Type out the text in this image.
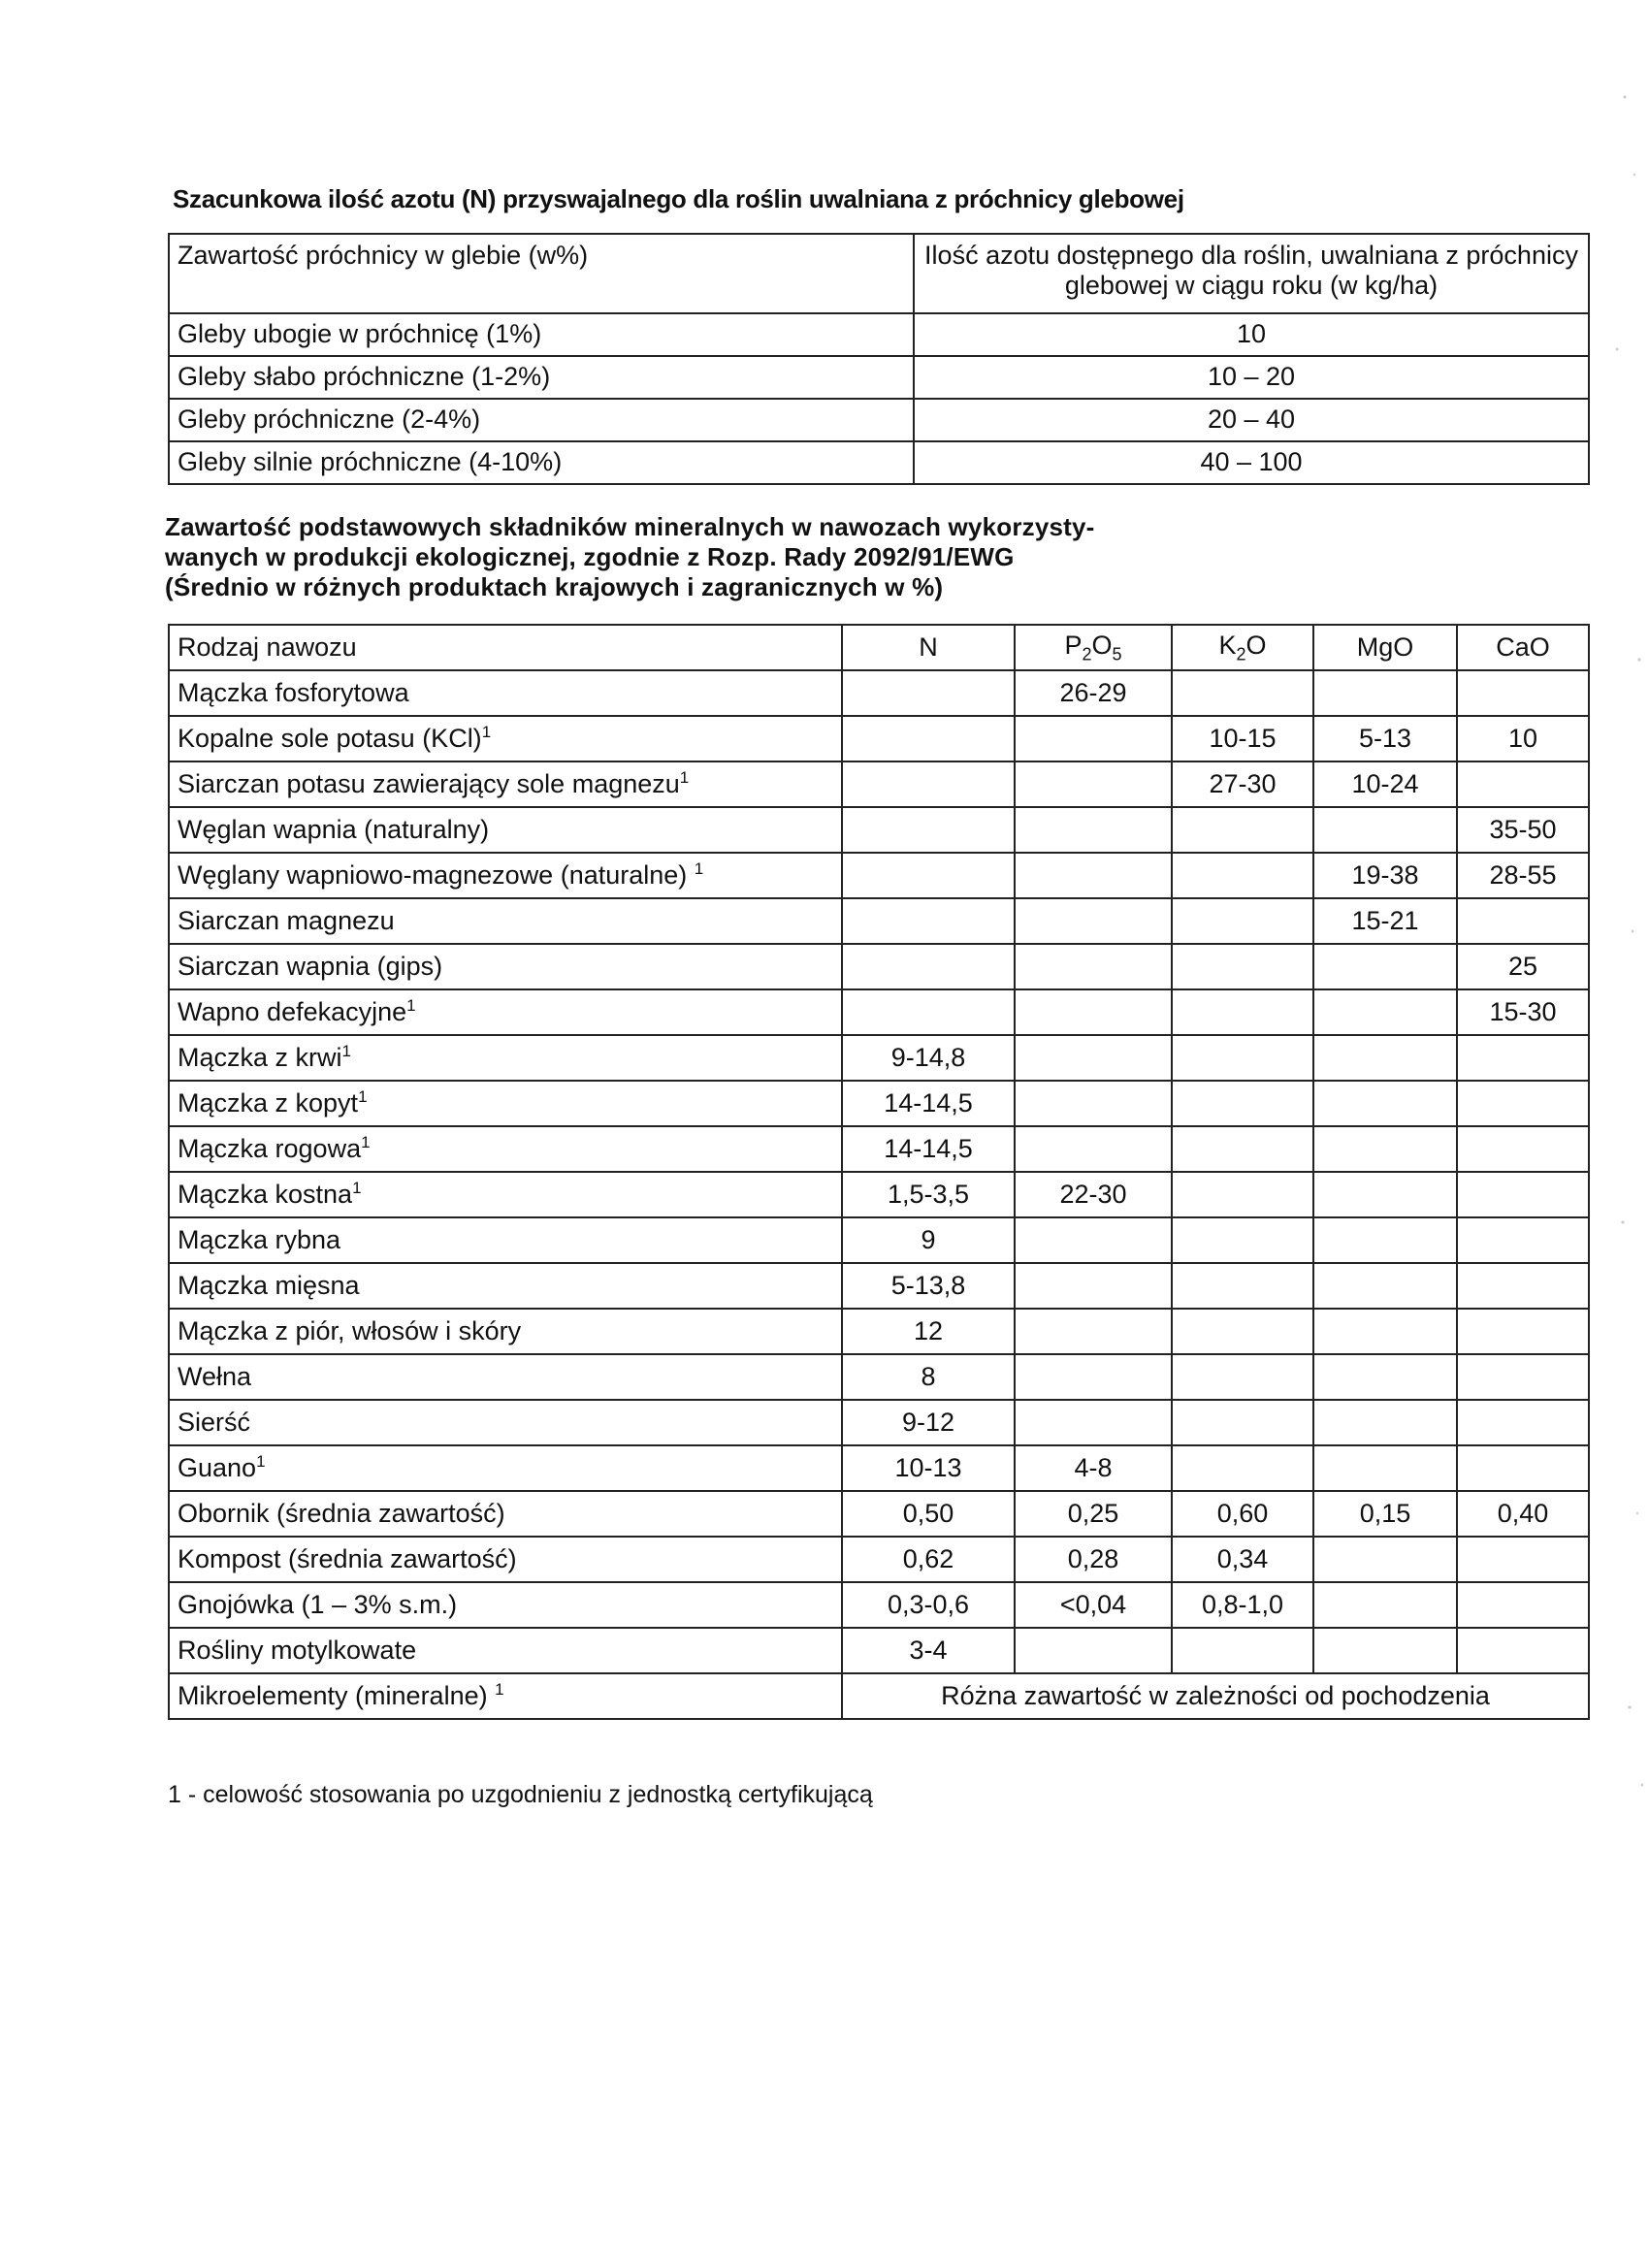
Szacunkowa ilość azotu (N) przyswajalnego dla roślin uwalniana z próchnicy glebowej
Zawartość próchnicy w glebie (w%)	Ilość azotu dostępnego dla roślin, uwalniana z próchnicy glebowej w ciągu roku (w kg/ha)
Gleby ubogie w próchnicę (1%)	10
Gleby słabo próchniczne (1-2%)	10 – 20
Gleby próchniczne (2-4%)	20 – 40
Gleby silnie próchniczne (4-10%)	40 – 100
Zawartość podstawowych składników mineralnych w nawozach wykorzysty-
wanych w produkcji ekologicznej, zgodnie z Rozp. Rady 2092/91/EWG
(Średnio w różnych produktach krajowych i zagranicznych w %)
Rodzaj nawozu	N	$P_2O_5$	$K_2O$	MgO	CaO
Mączka fosforytowa		26-29			
Kopalne sole potasu (KCl)$^1$			10-15	5-13	10
Siarczan potasu zawierający sole magnezu$^1$			27-30	10-24	
Węglan wapnia (naturalny)					35-50
Węglany wapniowo-magnezowe (naturalne) $^1$				19-38	28-55
Siarczan magnezu				15-21	
Siarczan wapnia (gips)					25
Wapno defekacyjne$^1$					15-30
Mączka z krwi$^1$	9-14,8				
Mączka z kopyt$^1$	14-14,5				
Mączka rogowa$^1$	14-14,5				
Mączka kostna$^1$	1,5-3,5	22-30			
Mączka rybna	9				
Mączka mięsna	5-13,8				
Mączka z piór, włosów i skóry	12				
Wełna	8				
Sierść	9-12				
Guano$^1$	10-13	4-8			
Obornik (średnia zawartość)	0,50	0,25	0,60	0,15	0,40
Kompost (średnia zawartość)	0,62	0,28	0,34		
Gnojówka (1 – 3% s.m.)	0,3-0,6	<0,04	0,8-1,0		
Rośliny motylkowate	3-4				
Mikroelementy (mineralne) $^1$	Różna zawartość w zależności od pochodzenia				
1 - celowość stosowania po uzgodnieniu z jednostką certyfikującą
